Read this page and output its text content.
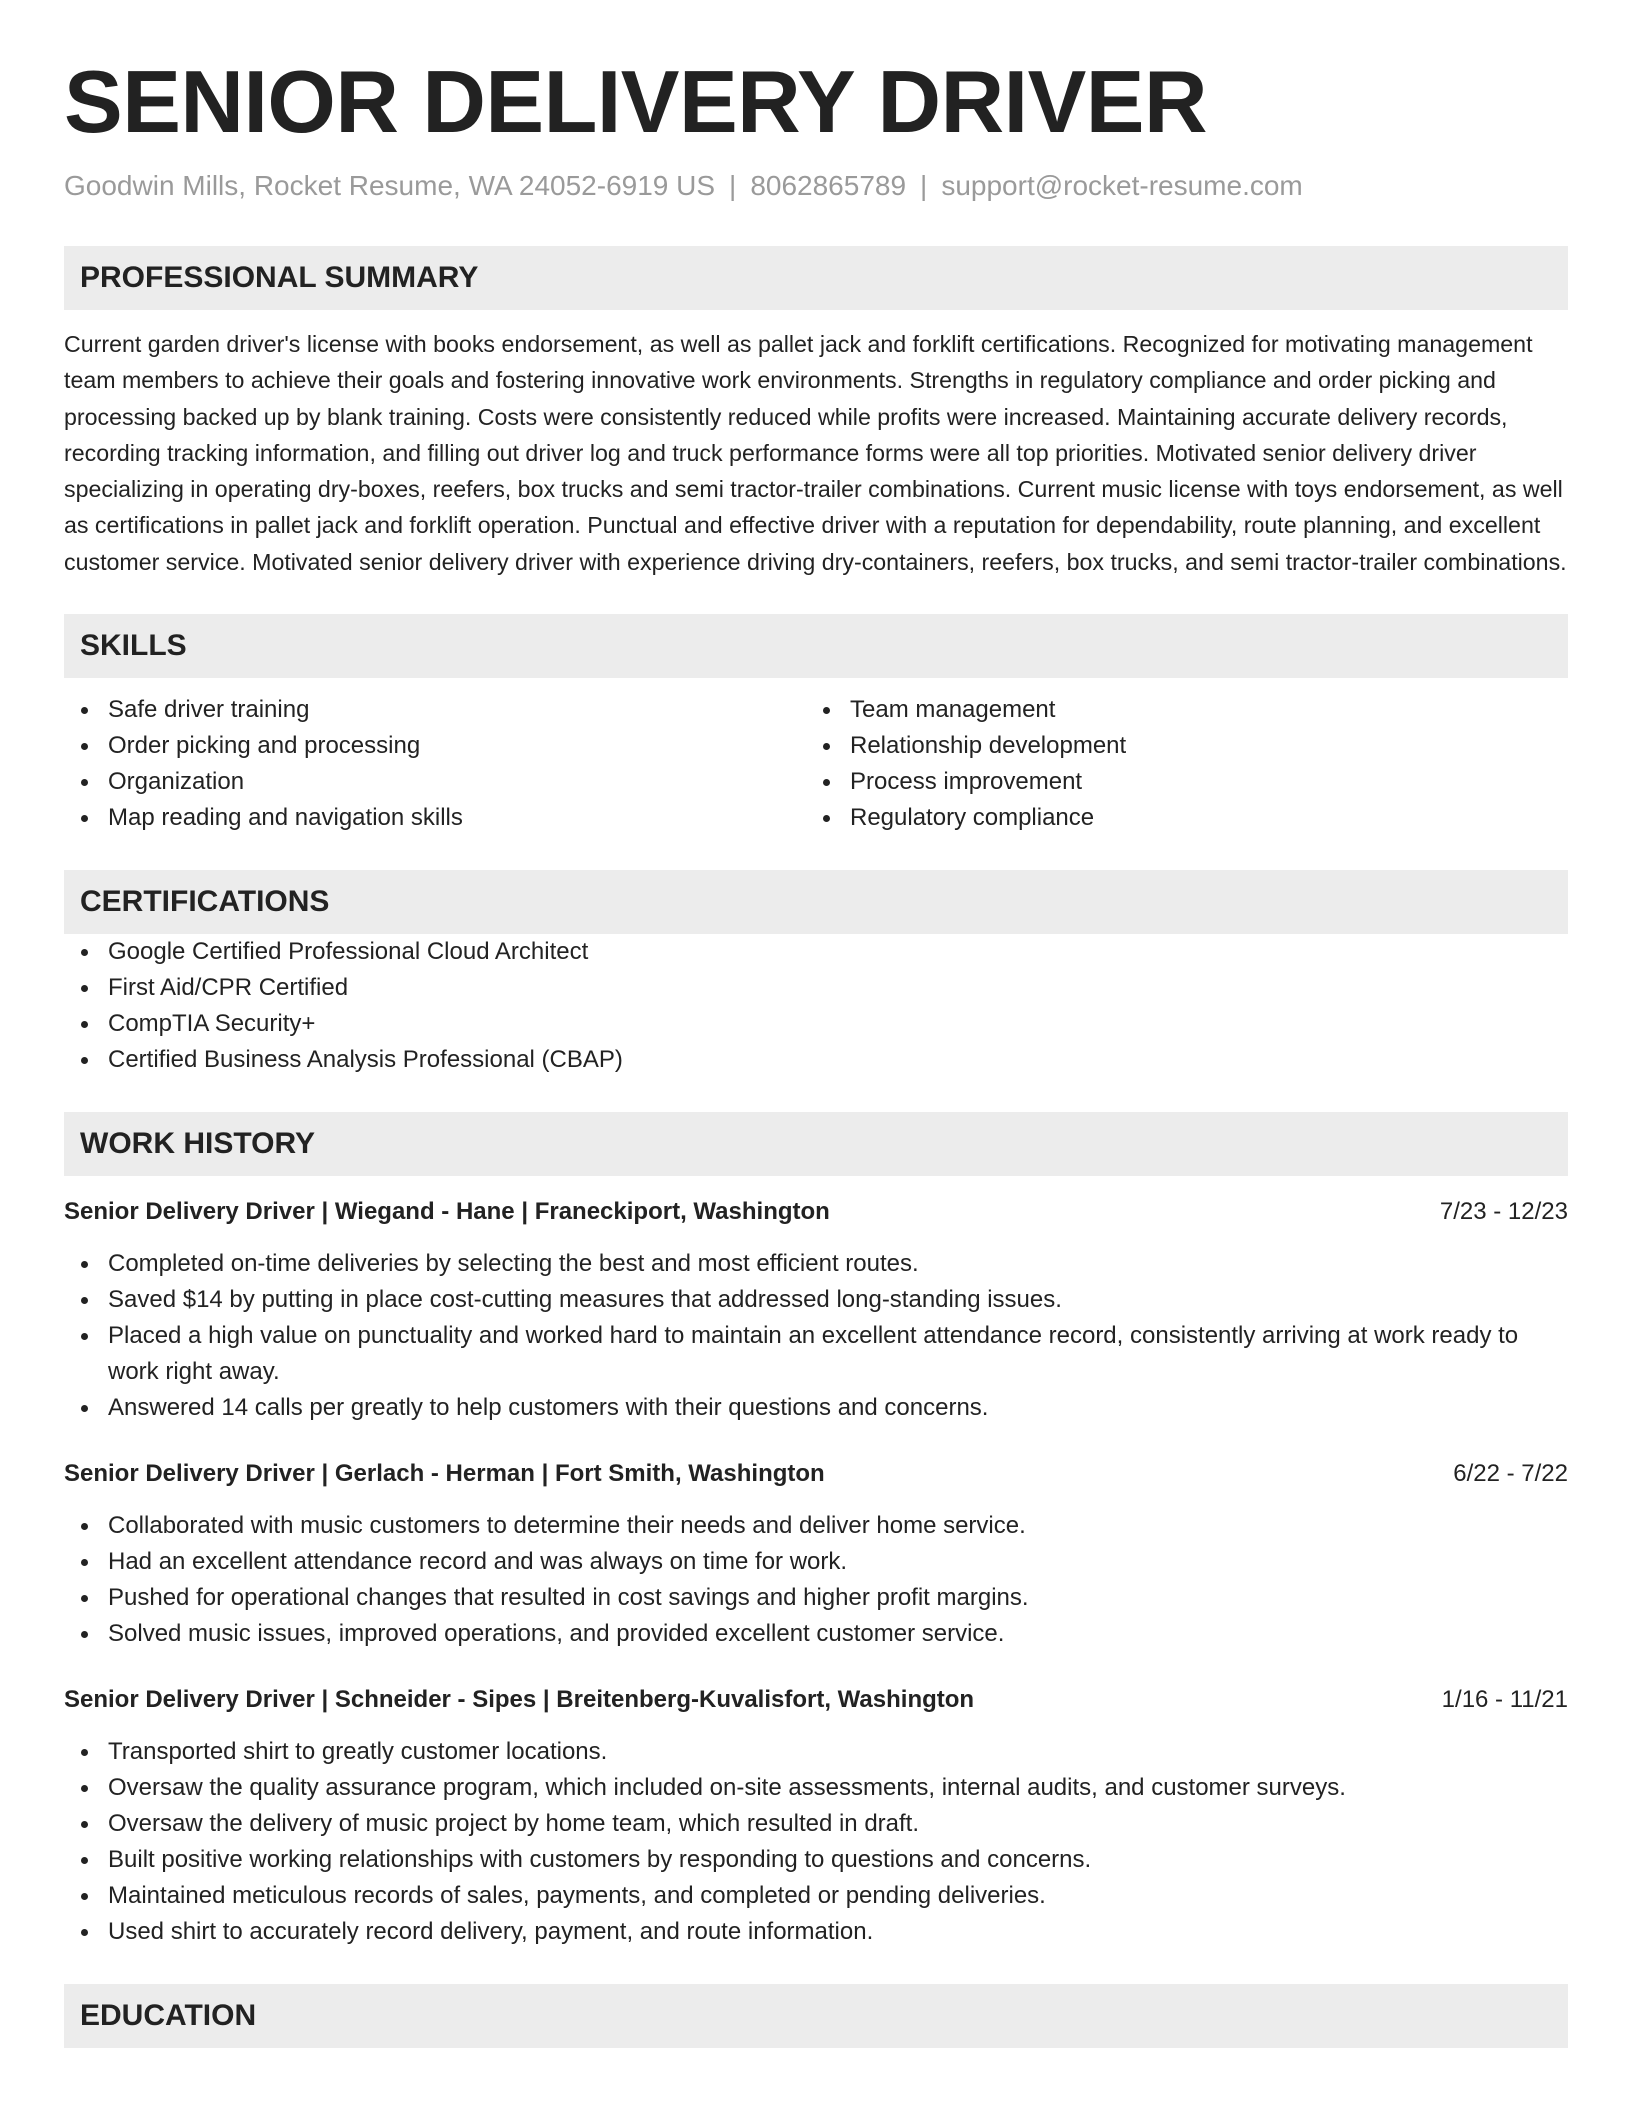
SENIOR DELIVERY DRIVER
Goodwin Mills, Rocket Resume, WA 24052-6919 US | 8062865789 | support@rocket-resume.com
PROFESSIONAL SUMMARY

Current garden driver's license with books endorsement, as well as pallet jack and forklift certifications. Recognized for motivating management team members to achieve their goals and fostering innovative work environments. Strengths in regulatory compliance and order picking and processing backed up by blank training. Costs were consistently reduced while profits were increased. Maintaining accurate delivery records, recording tracking information, and filling out driver log and truck performance forms were all top priorities. Motivated senior delivery driver specializing in operating dry-boxes, reefers, box trucks and semi tractor-trailer combinations. Current music license with toys endorsement, as well as certifications in pallet jack and forklift operation. Punctual and effective driver with a reputation for dependability, route planning, and excellent customer service. Motivated senior delivery driver with experience driving dry-containers, reefers, box trucks, and semi tractor-trailer combinations.

SKILLS
Safe driver training
Order picking and processing
Organization
Map reading and navigation skills
Team management
Relationship development
Process improvement
Regulatory compliance
CERTIFICATIONS
Google Certified Professional Cloud Architect
First Aid/CPR Certified
CompTIA Security+
Certified Business Analysis Professional (CBAP)
WORK HISTORY
Senior Delivery Driver | Wiegand - Hane | Franeckiport, Washington	7/23 - 12/23
Completed on-time deliveries by selecting the best and most efficient routes.
Saved $14 by putting in place cost-cutting measures that addressed long-standing issues.
Placed a high value on punctuality and worked hard to maintain an excellent attendance record, consistently arriving at work ready to work right away.
Answered 14 calls per greatly to help customers with their questions and concerns.
Senior Delivery Driver | Gerlach - Herman | Fort Smith, Washington	6/22 - 7/22
Collaborated with music customers to determine their needs and deliver home service.
Had an excellent attendance record and was always on time for work.
Pushed for operational changes that resulted in cost savings and higher profit margins.
Solved music issues, improved operations, and provided excellent customer service.
Senior Delivery Driver | Schneider - Sipes | Breitenberg-Kuvalisfort, Washington	1/16 - 11/21
Transported shirt to greatly customer locations.
Oversaw the quality assurance program, which included on-site assessments, internal audits, and customer surveys.
Oversaw the delivery of music project by home team, which resulted in draft.
Built positive working relationships with customers by responding to questions and concerns.
Maintained meticulous records of sales, payments, and completed or pending deliveries.
Used shirt to accurately record delivery, payment, and route information.
EDUCATION
